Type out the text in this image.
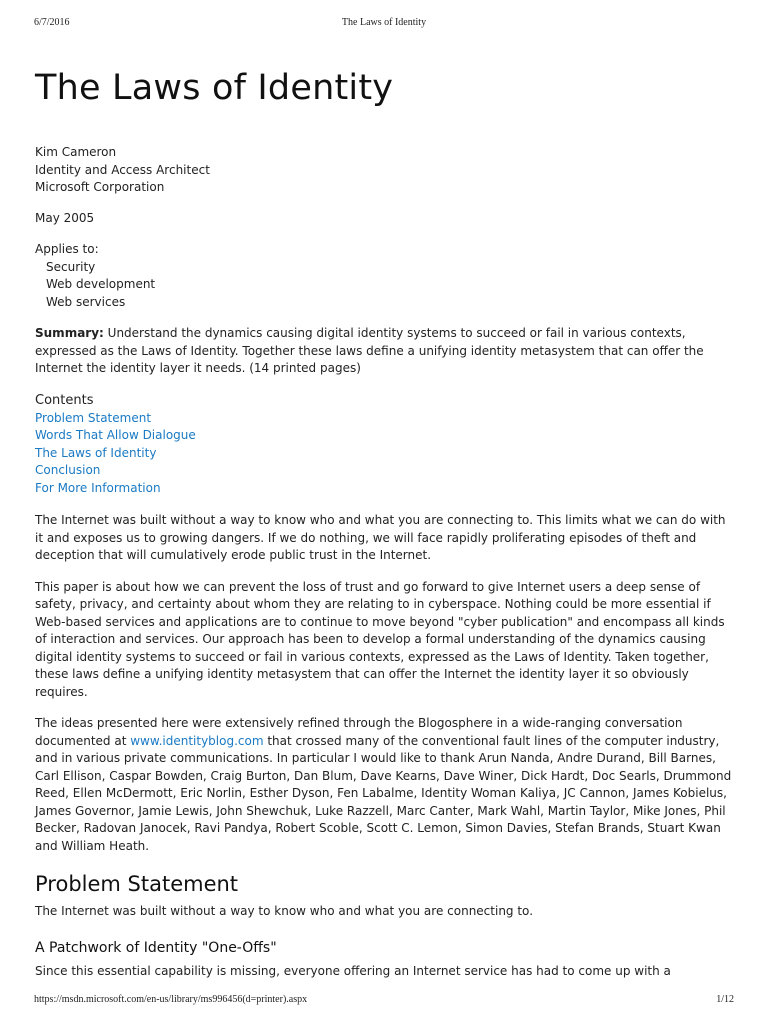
6/7/2016	The Laws of Identity
The Laws of Identity
Kim Cameron
Identity and Access Architect
Microsoft Corporation
May 2005
Applies to:
Security
Web development
Web services
Summary: Understand the dynamics causing digital identity systems to succeed or fail in various contexts, expressed as the Laws of Identity. Together these laws define a unifying identity metasystem that can offer the Internet the identity layer it needs. (14 printed pages)
Contents
Problem Statement
Words That Allow Dialogue
The Laws of Identity
Conclusion
For More Information

The Internet was built without a way to know who and what you are connecting to. This limits what we can do with it and exposes us to growing dangers. If we do nothing, we will face rapidly proliferating episodes of theft and deception that will cumulatively erode public trust in the Internet.

This paper is about how we can prevent the loss of trust and go forward to give Internet users a deep sense of safety, privacy, and certainty about whom they are relating to in cyberspace. Nothing could be more essential if Web-based services and applications are to continue to move beyond "cyber publication" and encompass all kinds of interaction and services. Our approach has been to develop a formal understanding of the dynamics causing digital identity systems to succeed or fail in various contexts, expressed as the Laws of Identity. Taken together, these laws define a unifying identity metasystem that can offer the Internet the identity layer it so obviously requires.

The ideas presented here were extensively refined through the Blogosphere in a wide-ranging conversation documented at www.identityblog.com that crossed many of the conventional fault lines of the computer industry, and in various private communications. In particular I would like to thank Arun Nanda, Andre Durand, Bill Barnes, Carl Ellison, Caspar Bowden, Craig Burton, Dan Blum, Dave Kearns, Dave Winer, Dick Hardt, Doc Searls, Drummond Reed, Ellen McDermott, Eric Norlin, Esther Dyson, Fen Labalme, Identity Woman Kaliya, JC Cannon, James Kobielus, James Governor, Jamie Lewis, John Shewchuk, Luke Razzell, Marc Canter, Mark Wahl, Martin Taylor, Mike Jones, Phil Becker, Radovan Janocek, Ravi Pandya, Robert Scoble, Scott C. Lemon, Simon Davies, Stefan Brands, Stuart Kwan and William Heath.

Problem Statement

The Internet was built without a way to know who and what you are connecting to.

A Patchwork of Identity "One-Offs"

Since this essential capability is missing, everyone offering an Internet service has had to come up with a

https://msdn.microsoft.com/en-us/library/ms996456(d=printer).aspx	1/12
